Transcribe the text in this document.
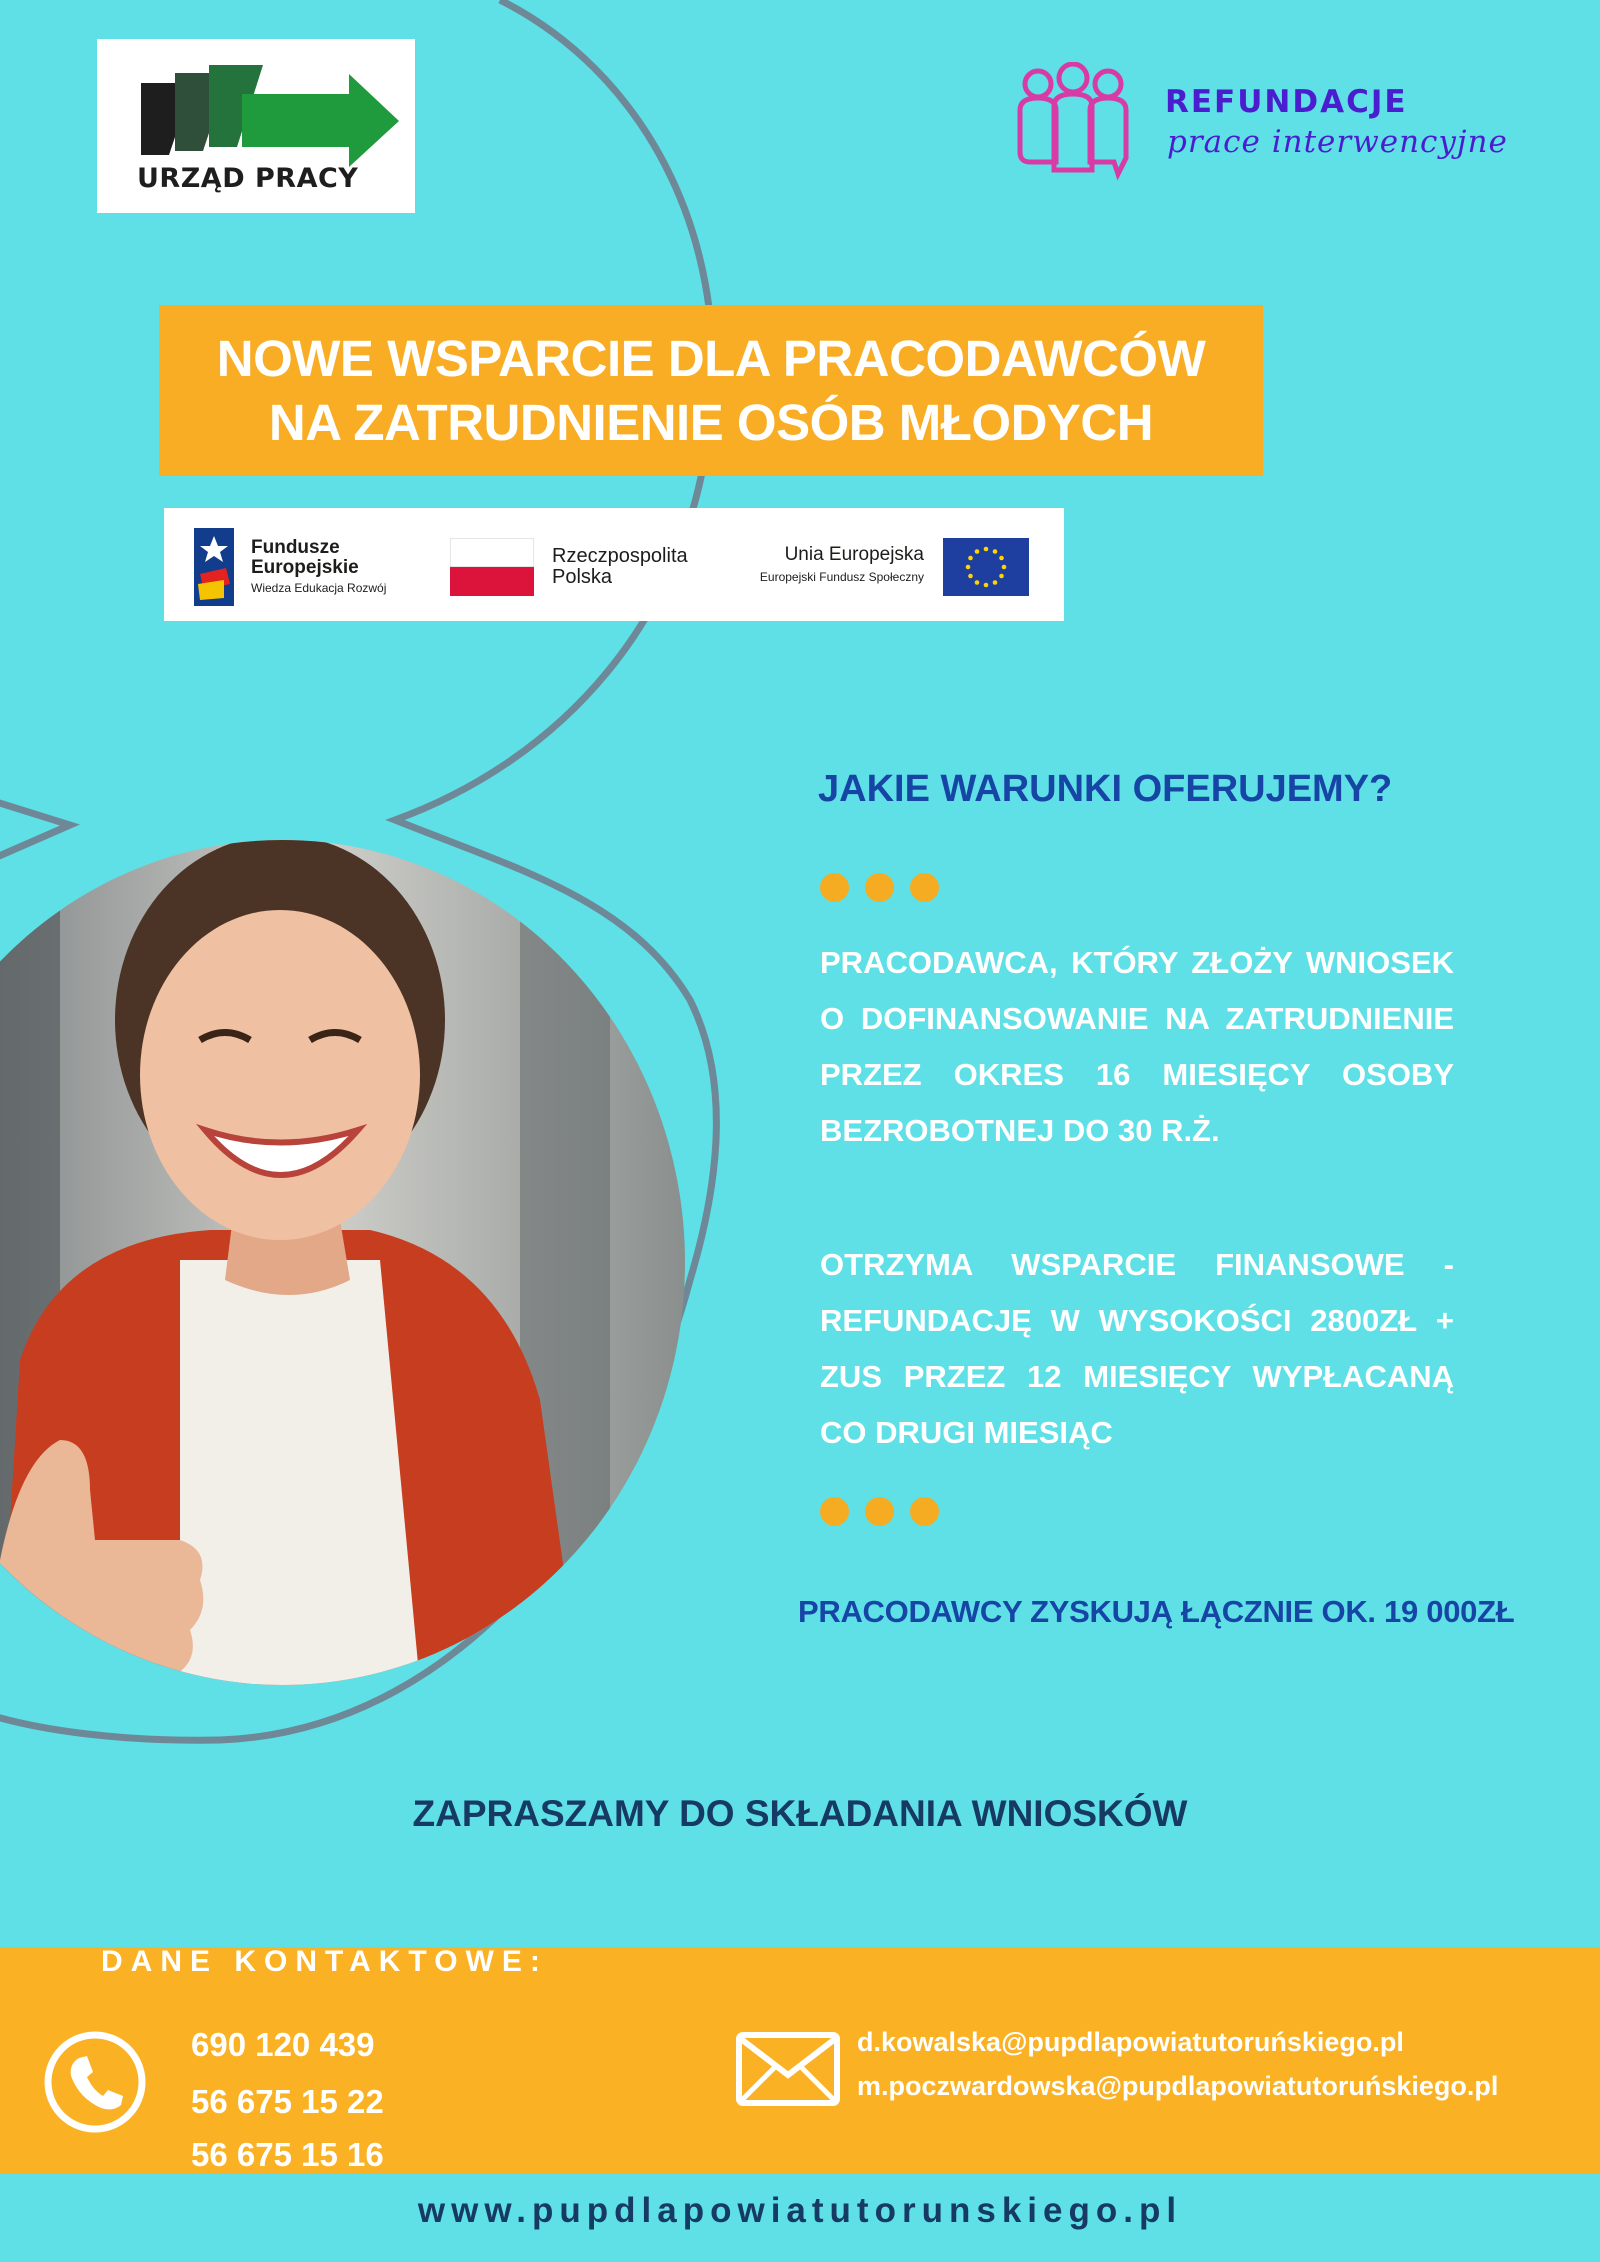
URZĄD PRACY
REFUNDACJE
prace interwencyjne
NOWE WSPARCIE DLA PRACODAWCÓW
NA ZATRUDNIENIE OSÓB MŁODYCH
Fundusze
Europejskie
Wiedza Edukacja Rozwój
Rzeczpospolita
Polska
Unia Europejska
Europejski Fundusz Społeczny
JAKIE WARUNKI OFERUJEMY?
PRACODAWCA, KTÓRY ZŁOŻY WNIOSEK O DOFINANSOWANIE NA ZATRUDNIENIE PRZEZ OKRES 16 MIESIĘCY OSOBY BEZROBOTNEJ DO 30 R.Ż.
OTRZYMA WSPARCIE FINANSOWE - REFUNDACJĘ W WYSOKOŚCI 2800ZŁ + ZUS PRZEZ 12 MIESIĘCY WYPŁACANĄ CO DRUGI MIESIĄC
PRACODAWCY ZYSKUJĄ ŁĄCZNIE OK. 19 000ZŁ
ZAPRASZAMY DO SKŁADANIA WNIOSKÓW
DANE KONTAKTOWE:
690 120 439
56 675 15 22
56 675 15 16
d.kowalska@pupdlapowiatutoruńskiego.pl
m.poczwardowska@pupdlapowiatutoruńskiego.pl
www.pupdlapowiatutorunskiego.pl
